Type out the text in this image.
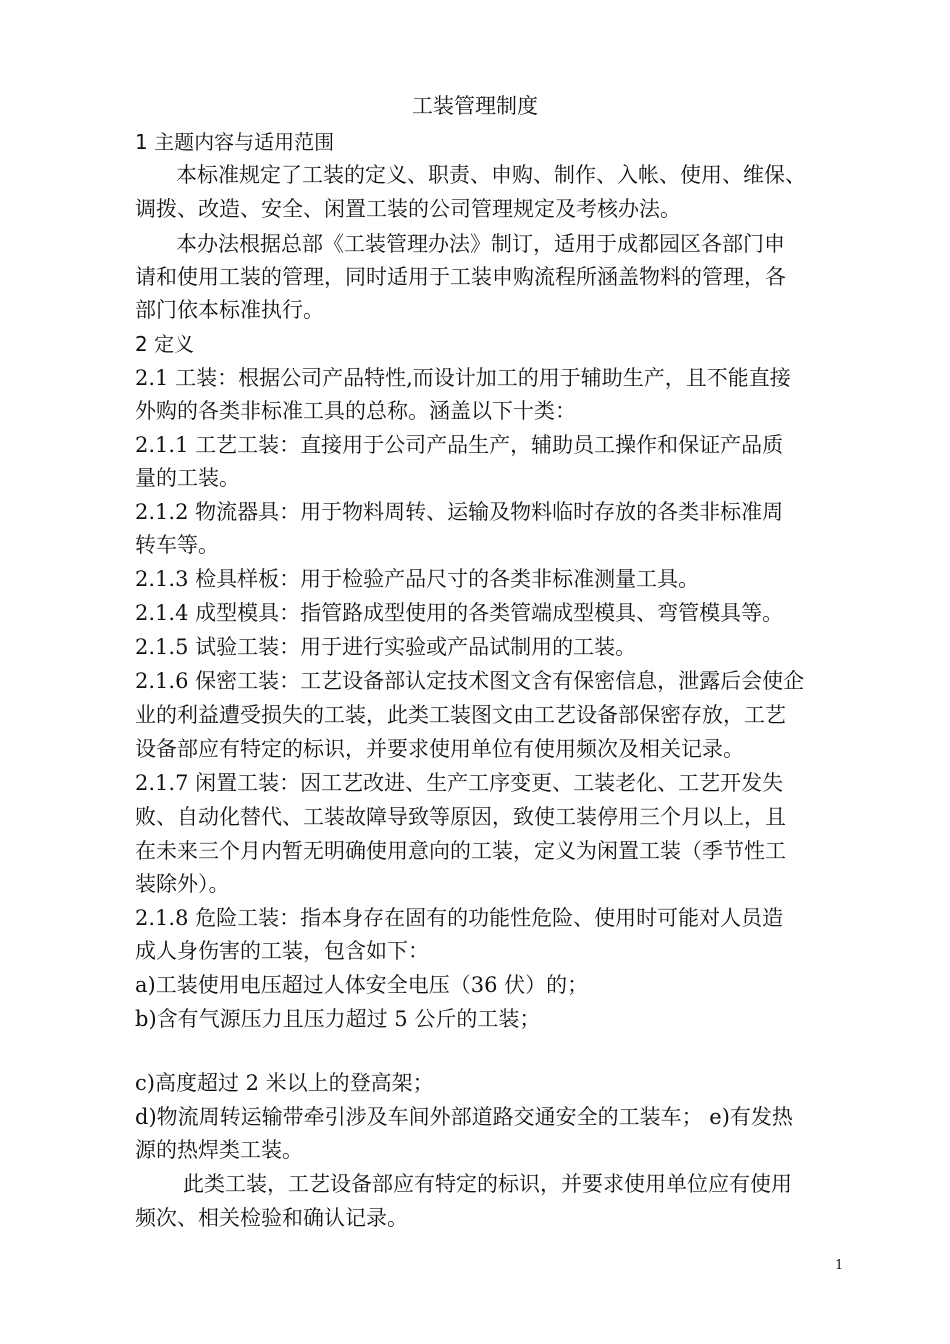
工装管理制度
1 主题内容与适用范围
本标准规定了工装的定义、职责、申购、制作、入帐、使用、维保、
调拨、改造、安全、闲置工装的公司管理规定及考核办法。
本办法根据总部《工装管理办法》制订，适用于成都园区各部门申
请和使用工装的管理，同时适用于工装申购流程所涵盖物料的管理，各
部门依本标准执行。
2 定义
2.1 工装：根据公司产品特性,而设计加工的用于辅助生产，且不能直接
外购的各类非标准工具的总称。涵盖以下十类：
2.1.1 工艺工装：直接用于公司产品生产，辅助员工操作和保证产品质
量的工装。
2.1.2 物流器具：用于物料周转、运输及物料临时存放的各类非标准周
转车等。
2.1.3 检具样板：用于检验产品尺寸的各类非标准测量工具。
2.1.4 成型模具：指管路成型使用的各类管端成型模具、弯管模具等。
2.1.5 试验工装：用于进行实验或产品试制用的工装。
2.1.6 保密工装：工艺设备部认定技术图文含有保密信息，泄露后会使企
业的利益遭受损失的工装，此类工装图文由工艺设备部保密存放，工艺
设备部应有特定的标识，并要求使用单位有使用频次及相关记录。
2.1.7 闲置工装：因工艺改进、生产工序变更、工装老化、工艺开发失
败、自动化替代、工装故障导致等原因，致使工装停用三个月以上，且
在未来三个月内暂无明确使用意向的工装，定义为闲置工装（季节性工
装除外）。
2.1.8 危险工装：指本身存在固有的功能性危险、使用时可能对人员造
成人身伤害的工装，包含如下：
a)工装使用电压超过人体安全电压（36 伏）的；
b)含有气源压力且压力超过 5 公斤的工装；
c)高度超过 2 米以上的登高架；
d)物流周转运输带牵引涉及车间外部道路交通安全的工装车； e)有发热
源的热焊类工装。
此类工装，工艺设备部应有特定的标识，并要求使用单位应有使用
频次、相关检验和确认记录。
1
